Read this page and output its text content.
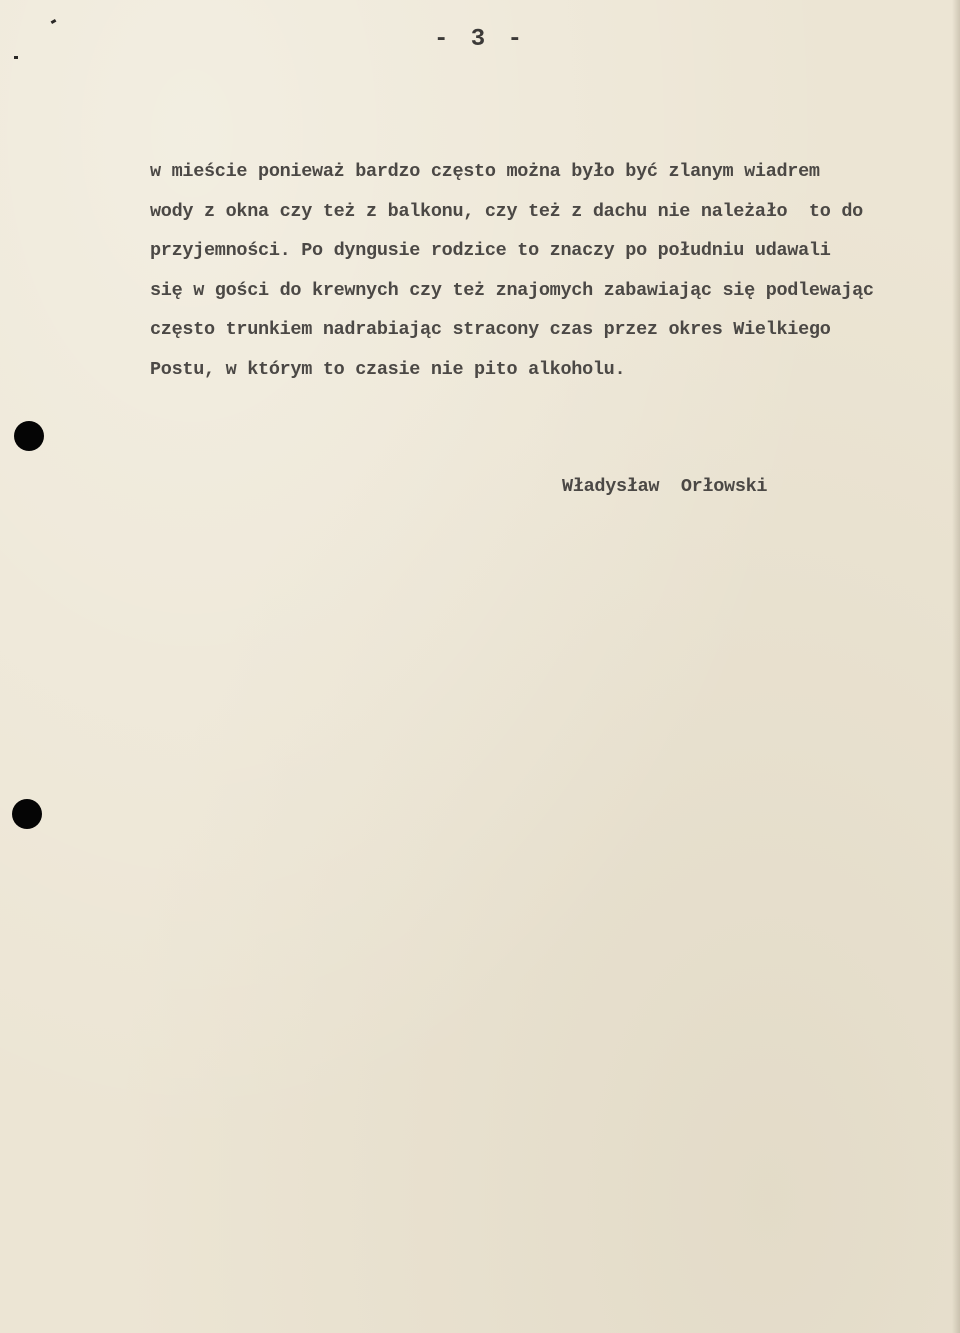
- 3 -
w mieście ponieważ bardzo często można było być zlanym wiadrem
wody z okna czy też z balkonu, czy też z dachu nie należało  to do
przyjemności. Po dyngusie rodzice to znaczy po południu udawali
się w gości do krewnych czy też znajomych zabawiając się podlewając
często trunkiem nadrabiając stracony czas przez okres Wielkiego
Postu, w którym to czasie nie pito alkoholu.
Władysław  Orłowski
